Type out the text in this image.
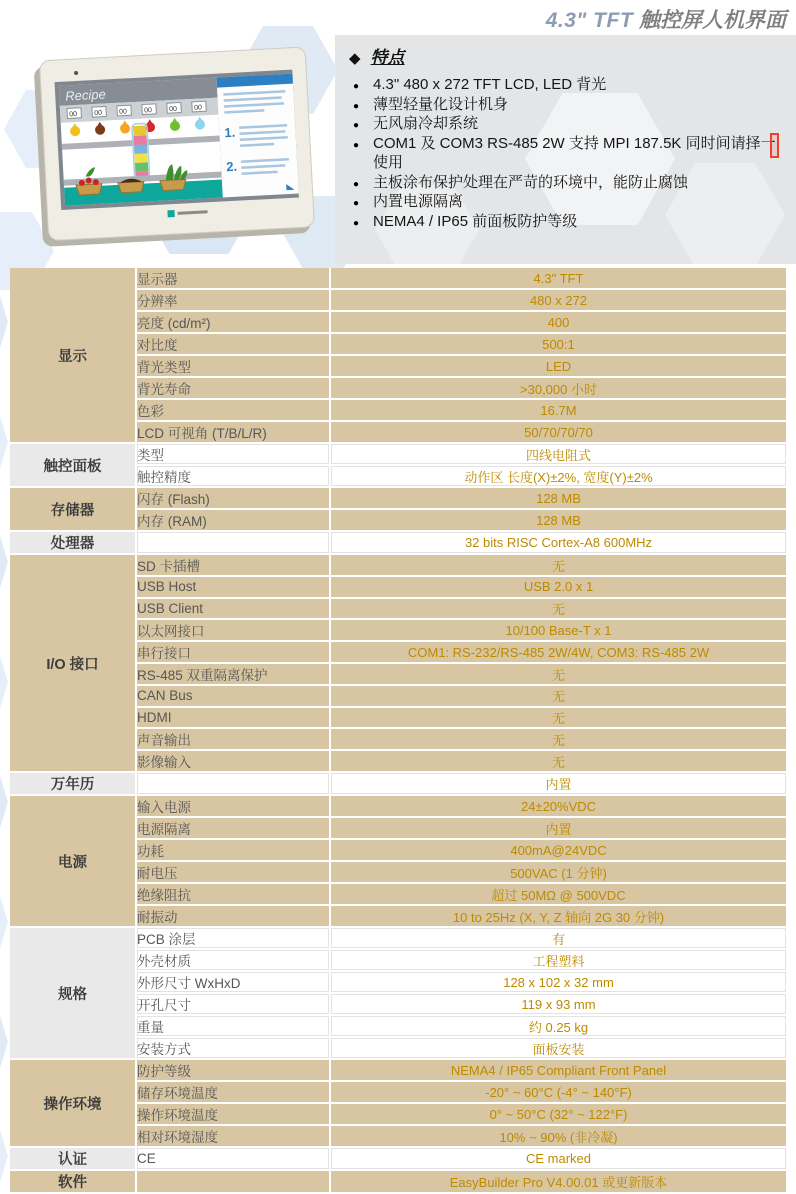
4.3" TFT 触控屏人机界面
◆ 特点
● 4.3" 480 x 272 TFT LCD, LED 背光
● 薄型轻量化设计机身
● 无风扇冷却系统
● COM1 及 COM3 RS-485 2W 支持 MPI 187.5K 同时间请择一使用
● 主板涂布保护处理在严苛的环境中，能防止腐蚀
● 内置电源隔离
● NEMA4 / IP65 前面板防护等级
Recipe
00 00 00 00 00 00
1.
2.
显示	显示器	4.3" TFT
	分辨率	480 x 272
	亮度 (cd/m²)	400
	对比度	500:1
	背光类型	LED
	背光寿命	>30,000 小时
	色彩	16.7M
	LCD 可视角 (T/B/L/R)	50/70/70/70
触控面板	类型	四线电阻式
	触控精度	动作区 长度(X)±2%, 宽度(Y)±2%
存储器	闪存 (Flash)	128 MB
	内存 (RAM)	128 MB
处理器		32 bits RISC Cortex-A8 600MHz
I/O 接口	SD 卡插槽	无
	USB Host	USB 2.0 x 1
	USB Client	无
	以太网接口	10/100 Base-T x 1
	串行接口	COM1: RS-232/RS-485 2W/4W, COM3: RS-485 2W
	RS-485 双重隔离保护	无
	CAN Bus	无
	HDMI	无
	声音输出	无
	影像输入	无
万年历		内置
电源	输入电源	24±20%VDC
	电源隔离	内置
	功耗	400mA@24VDC
	耐电压	500VAC (1 分钟)
	绝缘阻抗	超过 50MΩ @ 500VDC
	耐振动	10 to 25Hz (X, Y, Z 轴向 2G 30 分钟)
规格	PCB 涂层	有
	外壳材质	工程塑料
	外形尺寸 WxHxD	128 x 102 x 32 mm
	开孔尺寸	119 x 93 mm
	重量	约 0.25 kg
	安装方式	面板安装
操作环境	防护等级	NEMA4 / IP65 Compliant Front Panel
	储存环境温度	-20° ~ 60°C (-4° ~ 140°F)
	操作环境温度	0° ~ 50°C (32° ~ 122°F)
	相对环境湿度	10% ~ 90% (非冷凝)
认证	CE	CE marked
软件		EasyBuilder Pro V4.00.01 或更新版本
